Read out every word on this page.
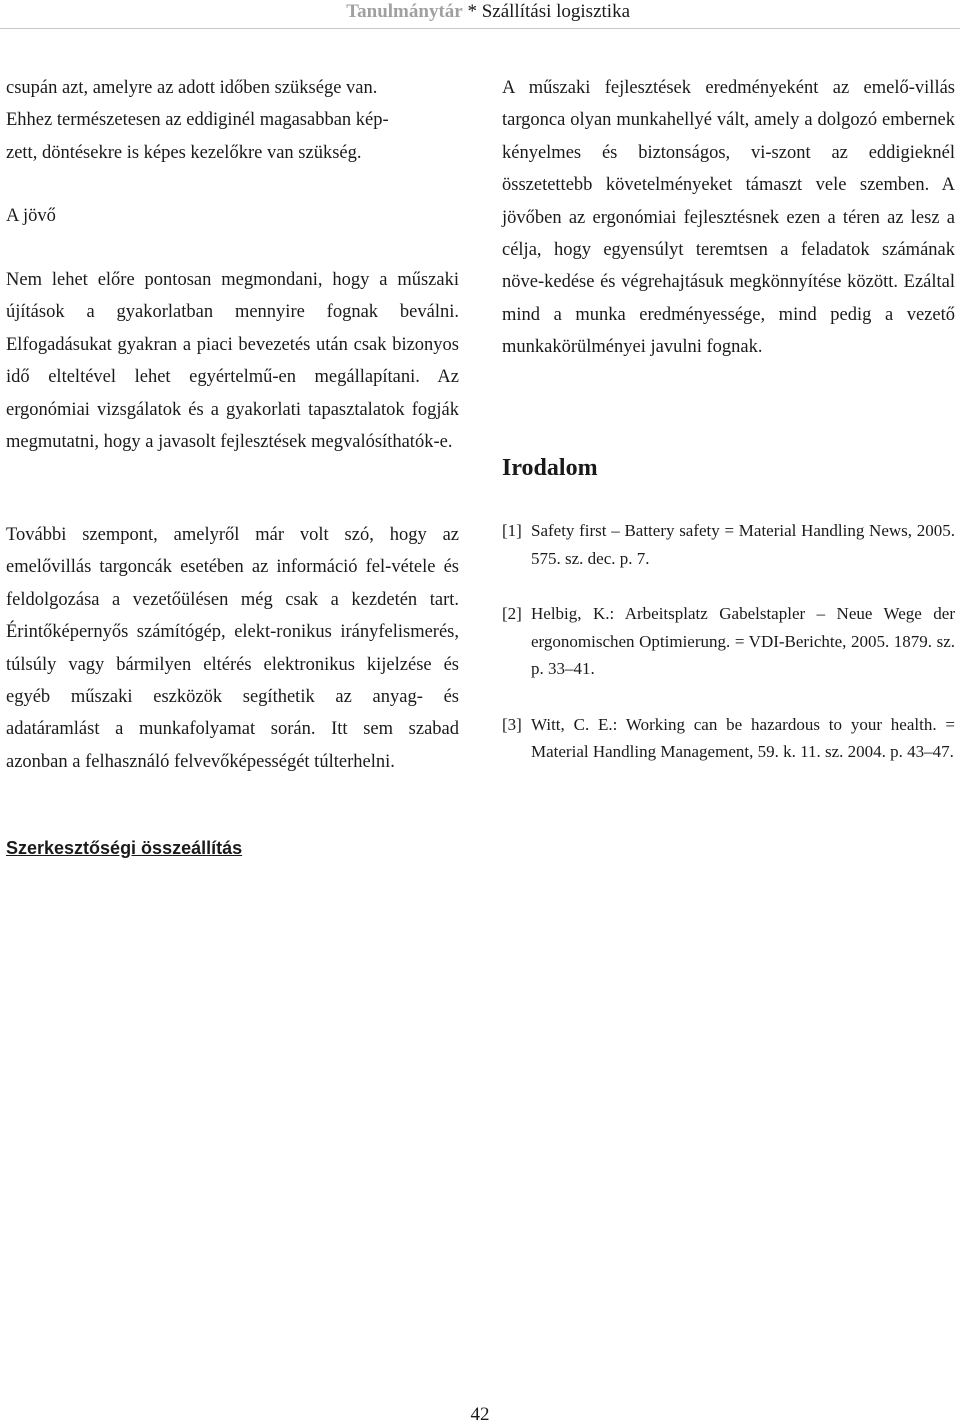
Tanulmánytár * Szállítási logisztika
csupán azt, amelyre az adott időben szüksége van.
Ehhez természetesen az eddiginél magasabban kép-
zett, döntésekre is képes kezelőkre van szükség.
A jövő

Nem lehet előre pontosan megmondani, hogy a műszaki újítások a gyakorlatban mennyire fognak beválni. Elfogadásukat gyakran a piaci bevezetés után csak bizonyos idő elteltével lehet egyértelmű-en megállapítani. Az ergonómiai vizsgálatok és a gyakorlati tapasztalatok fogják megmutatni, hogy a javasolt fejlesztések megvalósíthatók-e.

További szempont, amelyről már volt szó, hogy az emelővillás targoncák esetében az információ fel-vétele és feldolgozása a vezetőülésen még csak a kezdetén tart. Érintőképernyős számítógép, elekt-ronikus irányfelismerés, túlsúly vagy bármilyen eltérés elektronikus kijelzése és egyéb műszaki eszközök segíthetik az anyag- és adatáramlást a munkafolyamat során. Itt sem szabad azonban a felhasználó felvevőképességét túlterhelni.

A műszaki fejlesztések eredményeként az emelő-villás targonca olyan munkahellyé vált, amely a dolgozó embernek kényelmes és biztonságos, vi-szont az eddigieknél összetettebb követelményeket támaszt vele szemben. A jövőben az ergonómiai fejlesztésnek ezen a téren az lesz a célja, hogy egyensúlyt teremtsen a feladatok számának növe-kedése és végrehajtásuk megkönnyítése között. Ezáltal mind a munka eredményessége, mind pedig a vezető munkakörülményei javulni fognak.

Irodalom

[1] Safety first – Battery safety = Material Handling News, 2005. 575. sz. dec. p. 7.

[2] Helbig, K.: Arbeitsplatz Gabelstapler – Neue Wege der ergonomischen Optimierung. = VDI-Berichte, 2005. 1879. sz. p. 33–41.

[3] Witt, C. E.: Working can be hazardous to your health. = Material Handling Management, 59. k. 11. sz. 2004. p. 43–47.

Szerkesztőségi összeállítás
42
